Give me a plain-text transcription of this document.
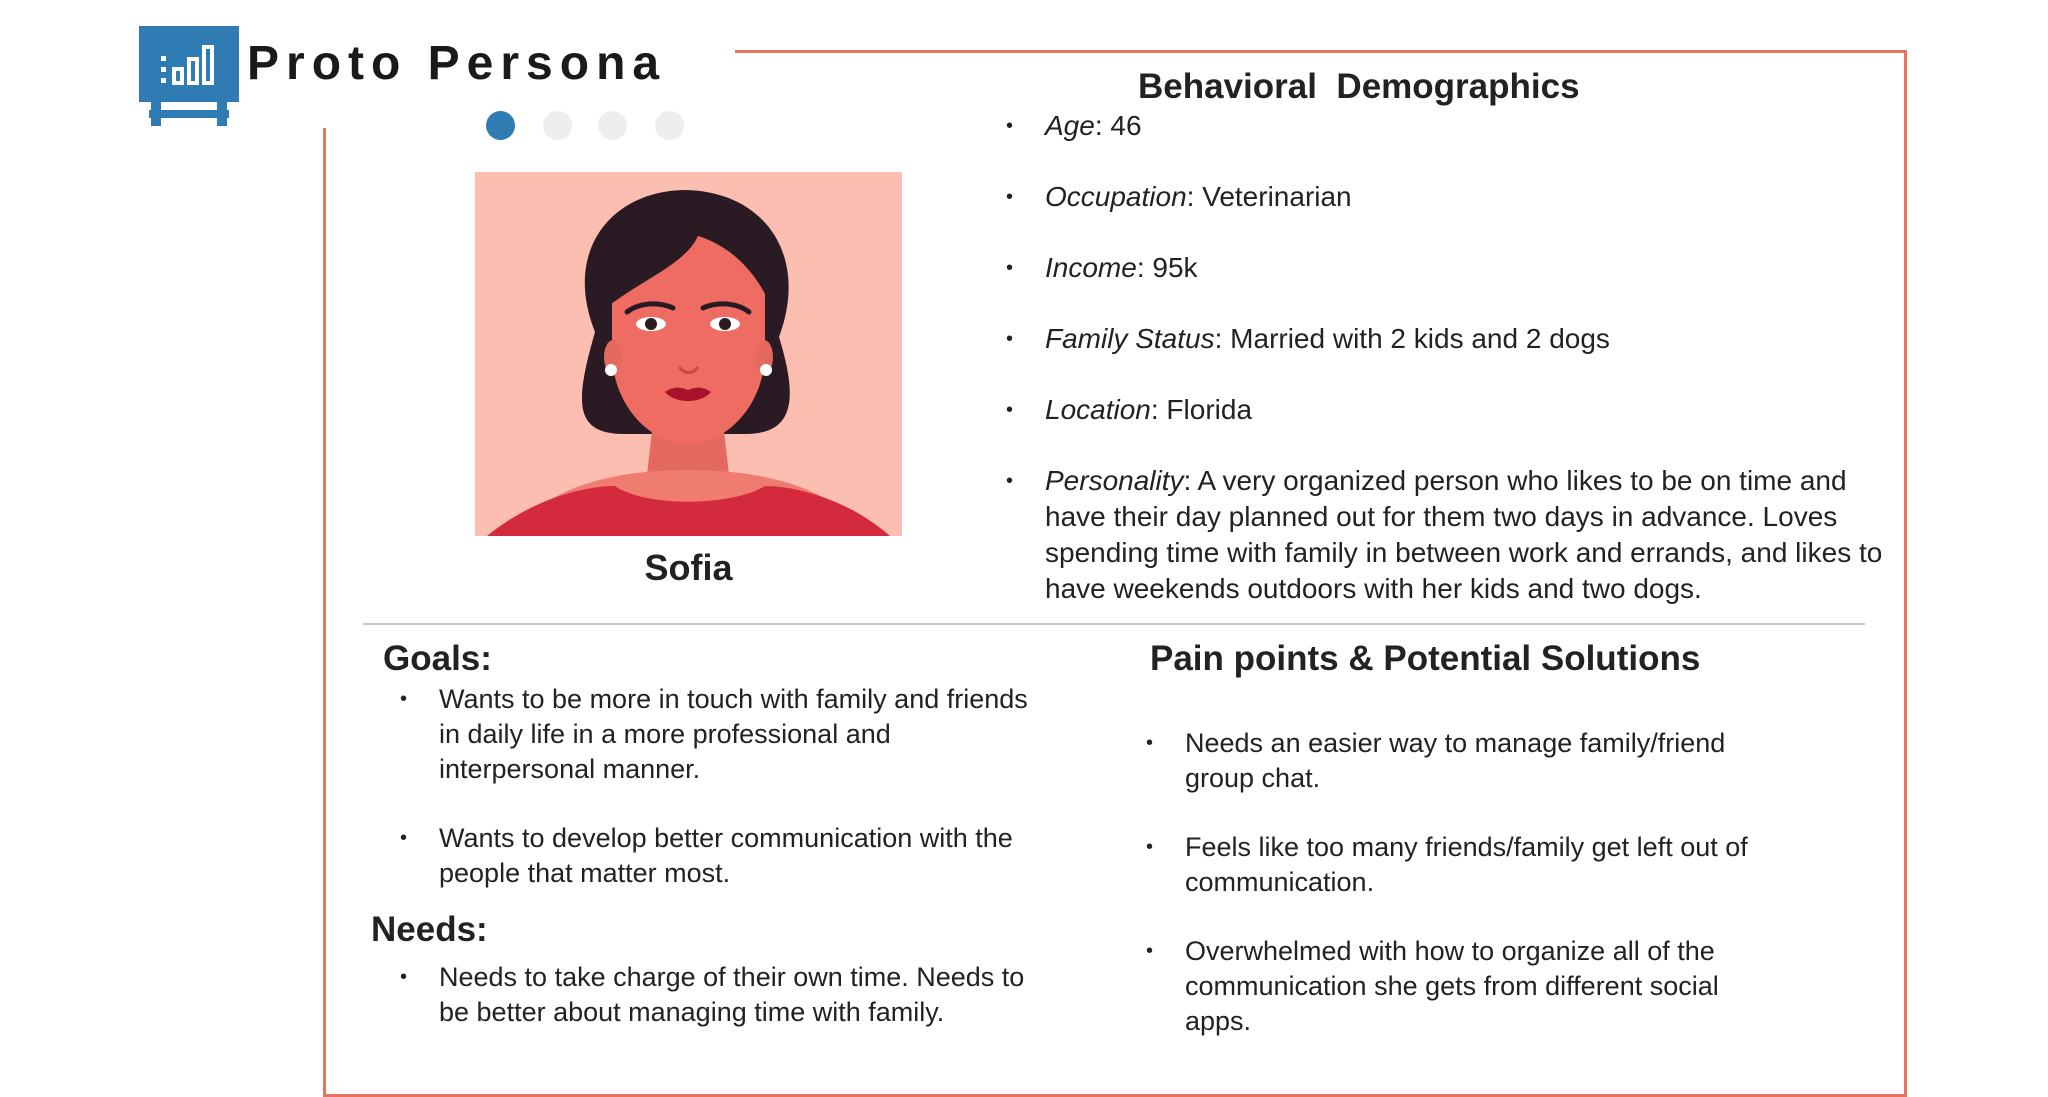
Proto Persona
Sofia
Behavioral  Demographics
• Age: 46
• Occupation: Veterinarian
• Income: 95k
• Family Status: Married with 2 kids and 2 dogs
• Location: Florida
• Personality: A very organized person who likes to be on time and have their day planned out for them two days in advance. Loves spending time with family in between work and errands, and likes to have weekends outdoors with her kids and two dogs.
Goals:
• Wants to be more in touch with family and friends in daily life in a more professional and interpersonal manner.
• Wants to develop better communication with the people that matter most.
Needs:
• Needs to take charge of their own time. Needs to be better about managing time with family.
Pain points & Potential Solutions
• Needs an easier way to manage family/friend group chat.
• Feels like too many friends/family get left out of communication.
• Overwhelmed with how to organize all of the communication she gets from different social apps.
